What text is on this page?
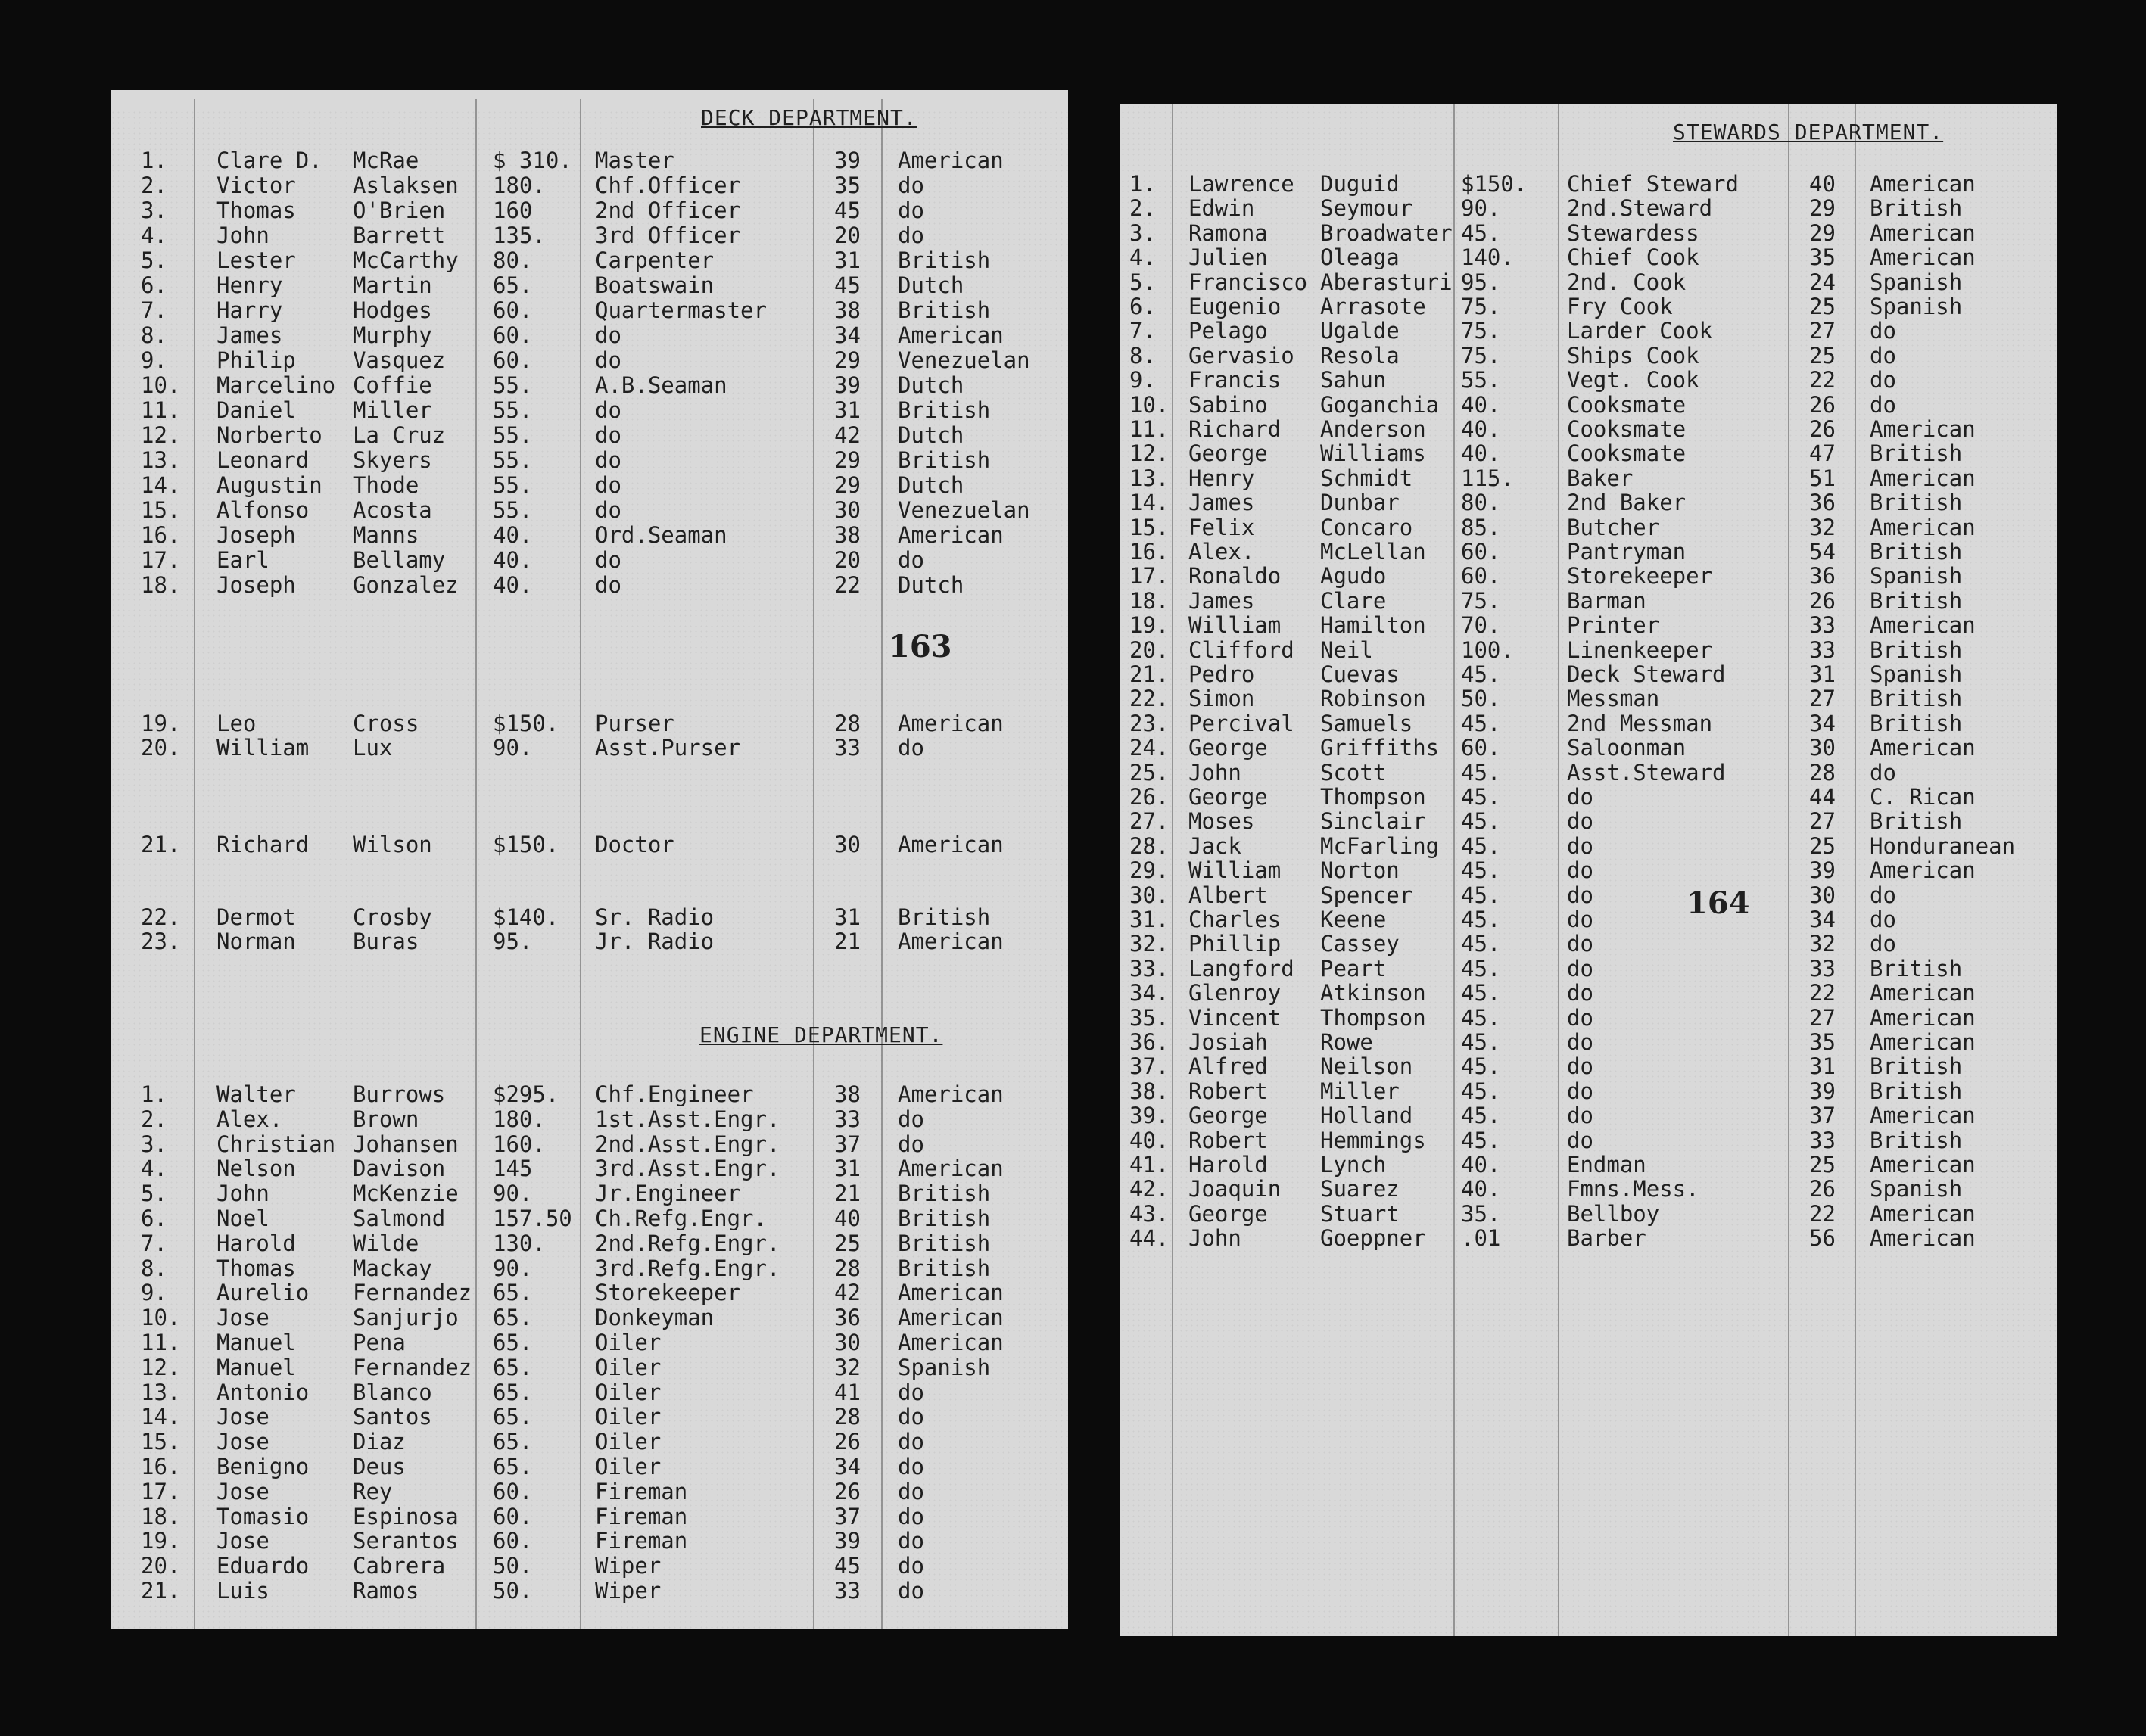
DECK DEPARTMENT.
ENGINE DEPARTMENT.
163
1. Clare D. McRae	$ 310. Master	39 American
2. Victor	Aslaksen 180. Chf.Officer	35 do
3. Thomas	O'Brien 160	2nd Officer	45 do
4. John	Barrett 135. 3rd Officer	20 do
5. Lester	McCarthy 80.	Carpenter	31 British
6. Henry	Martin	65.	Boatswain	45 Dutch
7. Harry	Hodges	60.	Quartermaster	38 British
8. James	Murphy	60.	do	34 American
9. Philip	Vasquez 60.	do	29 Venezuelan
10. Marcelino Coffie	55.	A.B.Seaman	39 Dutch
11. Daniel	Miller	55.	do	31 British
12. Norberto La Cruz 55.	do	42 Dutch
13. Leonard Skyers	55.	do	29 British
14. Augustin Thode	55.	do	29 Dutch
15. Alfonso Acosta	55.	do	30 Venezuelan
16. Joseph	Manns	40.	Ord.Seaman	38 American
17. Earl	Bellamy 40.	do	20 do
18. Joseph	Gonzalez 40.	do	22 Dutch
19. Leo	Cross	$150. Purser	28 American
20. William Lux	90.	Asst.Purser	33 do
21. Richard Wilson	$150. Doctor	30 American
22. Dermot	Crosby	$140. Sr. Radio	31 British
23. Norman	Buras	95.	Jr. Radio	21 American
1. Walter	Burrows $295. Chf.Engineer	38 American
2. Alex.	Brown	180. 1st.Asst.Engr. 33 do
3. Christian Johansen 160. 2nd.Asst.Engr. 37 do
4. Nelson	Davison 145	3rd.Asst.Engr. 31 American
5. John	McKenzie 90.	Jr.Engineer	21 British
6. Noel	Salmond 157.50 Ch.Refg.Engr.	40 British
7. Harold	Wilde	130. 2nd.Refg.Engr. 25 British
8. Thomas	Mackay	90.	3rd.Refg.Engr. 28 British
9. Aurelio Fernandez 65.	Storekeeper	42 American
10. Jose	Sanjurjo 65.	Donkeyman	36 American
11. Manuel	Pena	65.	Oiler	30 American
12. Manuel	Fernandez 65.	Oiler	32 Spanish
13. Antonio Blanco	65.	Oiler	41 do
14. Jose	Santos	65.	Oiler	28 do
15. Jose	Diaz	65.	Oiler	26 do
16. Benigno Deus	65.	Oiler	34 do
17. Jose	Rey	60.	Fireman	26 do
18. Tomasio Espinosa 60.	Fireman	37 do
19. Jose	Serantos 60.	Fireman	39 do
20. Eduardo Cabrera 50.	Wiper	45 do
21. Luis	Ramos	50.	Wiper	33 do
STEWARDS DEPARTMENT.
164
1. Lawrence Duguid	$150. Chief Steward	40 American
2. Edwin	Seymour 90.	2nd.Steward	29 British
3. Ramona Broadwater 45.	Stewardess	29 American
4. Julien Oleaga	140. Chief Cook	35 American
5. Francisco Aberasturi 95.	2nd. Cook	24 Spanish
6. Eugenio Arrasote 75.	Fry Cook	25 Spanish
7. Pelago Ugalde	75.	Larder Cook	27 do
8. Gervasio Resola	75.	Ships Cook	25 do
9. Francis Sahun	55.	Vegt. Cook	22 do
10. Sabino Goganchia 40.	Cooksmate	26 do
11. Richard Anderson 40.	Cooksmate	26 American
12. George Williams 40.	Cooksmate	47 British
13. Henry	Schmidt 115. Baker	51 American
14. James	Dunbar	80.	2nd Baker	36 British
15. Felix	Concaro 85.	Butcher	32 American
16. Alex.	McLellan 60.	Pantryman	54 British
17. Ronaldo Agudo	60.	Storekeeper	36 Spanish
18. James	Clare	75.	Barman	26 British
19. William Hamilton 70.	Printer	33 American
20. Clifford Neil	100. Linenkeeper	33 British
21. Pedro	Cuevas	45.	Deck Steward	31 Spanish
22. Simon	Robinson 50.	Messman	27 British
23. Percival Samuels 45.	2nd Messman	34 British
24. George Griffiths 60.	Saloonman	30 American
25. John	Scott	45.	Asst.Steward	28 do
26. George Thompson 45.	do	44 C. Rican
27. Moses	Sinclair 45.	do	27 British
28. Jack	McFarling 45.	do	25 Honduranean
29. William Norton	45.	do	39 American
30. Albert Spencer 45.	do	30 do
31. Charles Keene	45.	do	34 do
32. Phillip Cassey	45.	do	32 do
33. Langford Peart	45.	do	33 British
34. Glenroy Atkinson 45.	do	22 American
35. Vincent Thompson 45.	do	27 American
36. Josiah Rowe	45.	do	35 American
37. Alfred Neilson 45.	do	31 British
38. Robert Miller	45.	do	39 British
39. George Holland 45.	do	37 American
40. Robert Hemmings 45.	do	33 British
41. Harold Lynch	40.	Endman	25 American
42. Joaquin Suarez	40.	Fmns.Mess.	26 Spanish
43. George Stuart	35.	Bellboy	22 American
44. John	Goeppner .01	Barber	56 American
